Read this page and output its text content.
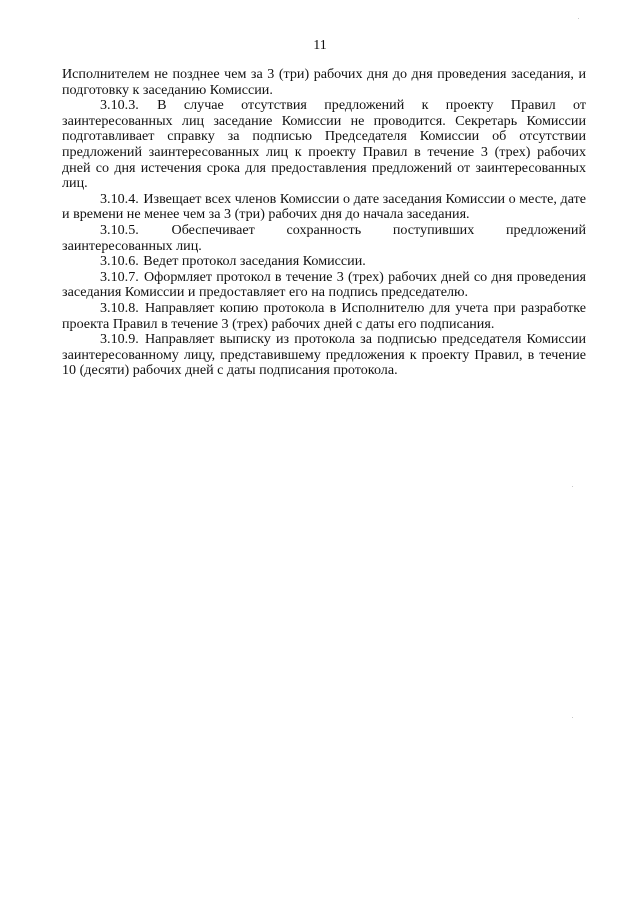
11

Исполнителем не позднее чем за 3 (три) рабочих дня до дня проведения заседания, и подготовку к заседанию Комиссии.

3.10.3. В случае отсутствия предложений к проекту Правил от заинтересованных лиц заседание Комиссии не проводится. Секретарь Комиссии подготавливает справку за подписью Председателя Комиссии об отсутствии предложений заинтересованных лиц к проекту Правил в течение 3 (трех) рабочих дней со дня истечения срока для предоставления предложений от заинтересованных лиц.

3.10.4. Извещает всех членов Комиссии о дате заседания Комиссии о месте, дате и времени не менее чем за 3 (три) рабочих дня до начала заседания.

3.10.5. Обеспечивает сохранность поступивших предложений заинтересованных лиц.

3.10.6. Ведет протокол заседания Комиссии.

3.10.7. Оформляет протокол в течение 3 (трех) рабочих дней со дня проведения заседания Комиссии и предоставляет его на подпись председателю.

3.10.8. Направляет копию протокола в Исполнителю для учета при разработке проекта Правил в течение 3 (трех) рабочих дней с даты его подписания.

3.10.9. Направляет выписку из протокола за подписью председателя Комиссии заинтересованному лицу, представившему предложения к проекту Правил, в течение 10 (десяти) рабочих дней с даты подписания протокола.
